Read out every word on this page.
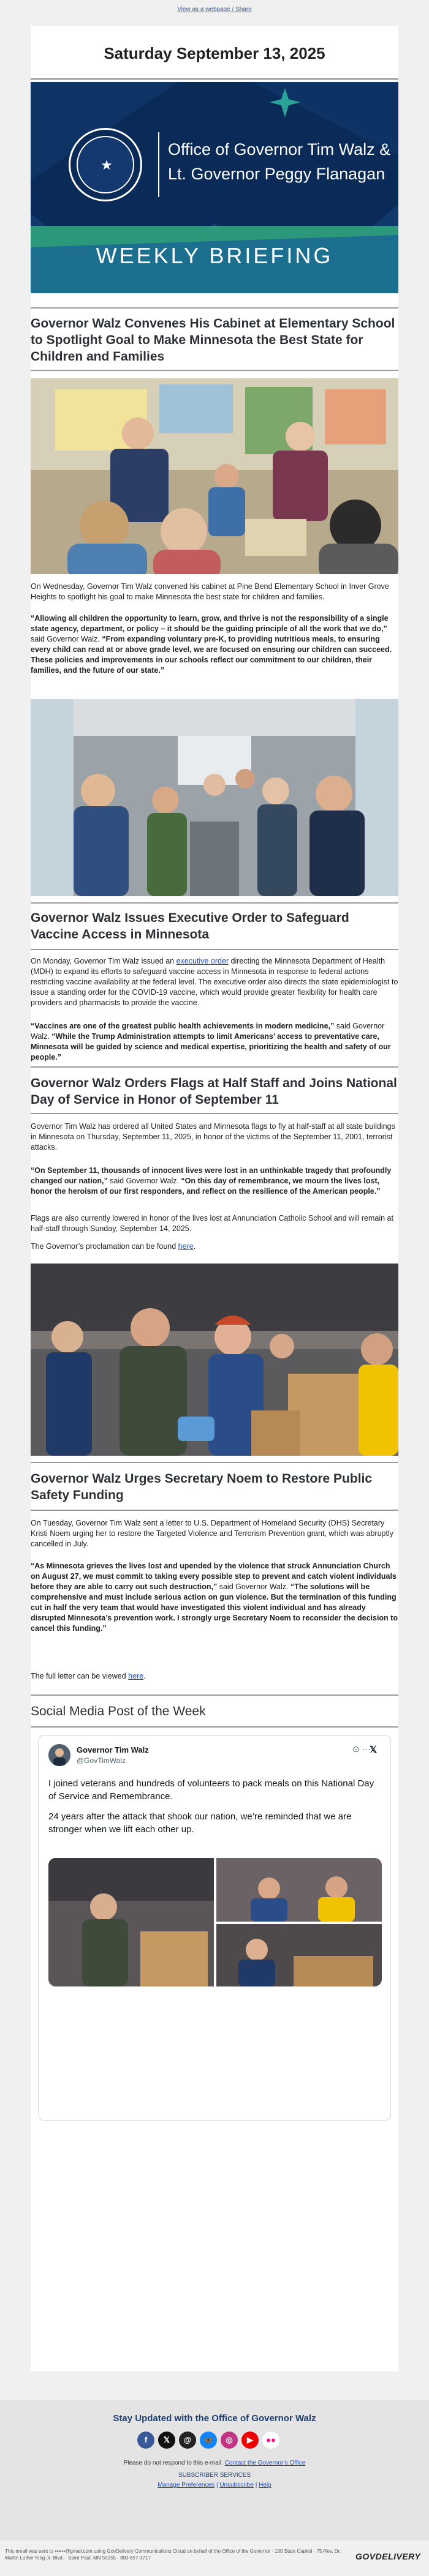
View as a webpage / Share
Saturday September 13, 2025
★
Office of Governor Tim Walz &
Lt. Governor Peggy Flanagan
WEEKLY BRIEFING
Governor Walz Convenes His Cabinet at Elementary School to Spotlight Goal to Make Minnesota the Best State for Children and Families
On Wednesday, Governor Tim Walz convened his cabinet at Pine Bend Elementary School in Inver Grove Heights to spotlight his goal to make Minnesota the best state for children and families.
“Allowing all children the opportunity to learn, grow, and thrive is not the responsibility of a single state agency, department, or policy – it should be the guiding principle of all the work that we do,” said Governor Walz. “From expanding voluntary pre-K, to providing nutritious meals, to ensuring every child can read at or above grade level, we are focused on ensuring our children can succeed. These policies and improvements in our schools reflect our commitment to our children, their families, and the future of our state.”
Governor Walz Issues Executive Order to Safeguard Vaccine Access in Minnesota
On Monday, Governor Tim Walz issued an executive order directing the Minnesota Department of Health (MDH) to expand its efforts to safeguard vaccine access in Minnesota in response to federal actions restricting vaccine availability at the federal level. The executive order also directs the state epidemiologist to issue a standing order for the COVID-19 vaccine, which would provide greater flexibility for health care providers and pharmacists to provide the vaccine.
“Vaccines are one of the greatest public health achievements in modern medicine,” said Governor Walz. “While the Trump Administration attempts to limit Americans’ access to preventative care, Minnesota will be guided by science and medical expertise, prioritizing the health and safety of our people.”
Governor Walz Orders Flags at Half Staff and Joins National Day of Service in Honor of September 11
Governor Tim Walz has ordered all United States and Minnesota flags to fly at half-staff at all state buildings in Minnesota on Thursday, September 11, 2025, in honor of the victims of the September 11, 2001, terrorist attacks.
“On September 11, thousands of innocent lives were lost in an unthinkable tragedy that profoundly changed our nation,” said Governor Walz. “On this day of remembrance, we mourn the lives lost, honor the heroism of our first responders, and reflect on the resilience of the American people.”
Flags are also currently lowered in honor of the lives lost at Annunciation Catholic School and will remain at half-staff through Sunday, September 14, 2025.
The Governor’s proclamation can be found here.
Governor Walz Urges Secretary Noem to Restore Public Safety Funding
On Tuesday, Governor Tim Walz sent a letter to U.S. Department of Homeland Security (DHS) Secretary Kristi Noem urging her to restore the Targeted Violence and Terrorism Prevention grant, which was abruptly cancelled in July.
“As Minnesota grieves the lives lost and upended by the violence that struck Annunciation Church on August 27, we must commit to taking every possible step to prevent and catch violent individuals before they are able to carry out such destruction,” said Governor Walz. “The solutions will be comprehensive and must include serious action on gun violence. But the termination of this funding cut in half the very team that would have investigated this violent individual and has already disrupted Minnesota’s prevention work. I strongly urge Secretary Noem to reconsider the decision to cancel this funding.”
The full letter can be viewed here.
Social Media Post of the Week
Governor Tim Walz
@GovTimWalz
⊙ ⋯
𝕏
I joined veterans and hundreds of volunteers to pack meals on this National Day of Service and Remembrance.
24 years after the attack that shook our nation, we’re reminded that we are stronger when we lift each other up.
Stay Updated with the Office of Governor Walz
f	𝕏	@	🦋	◎	▶	●●
Please do not respond to this e-mail. Contact the Governor’s Office
SUBSCRIBER SERVICES
Manage Preferences | Unsubscribe | Help
This email was sent to ••••••@gmail.com using GovDelivery Communications Cloud on behalf of the Office of the Governor · 130 State Capitol · 75 Rev. Dr. Martin Luther King Jr. Blvd. · Saint Paul, MN 55155 · 800-657-3717	GOVDELIVERY
